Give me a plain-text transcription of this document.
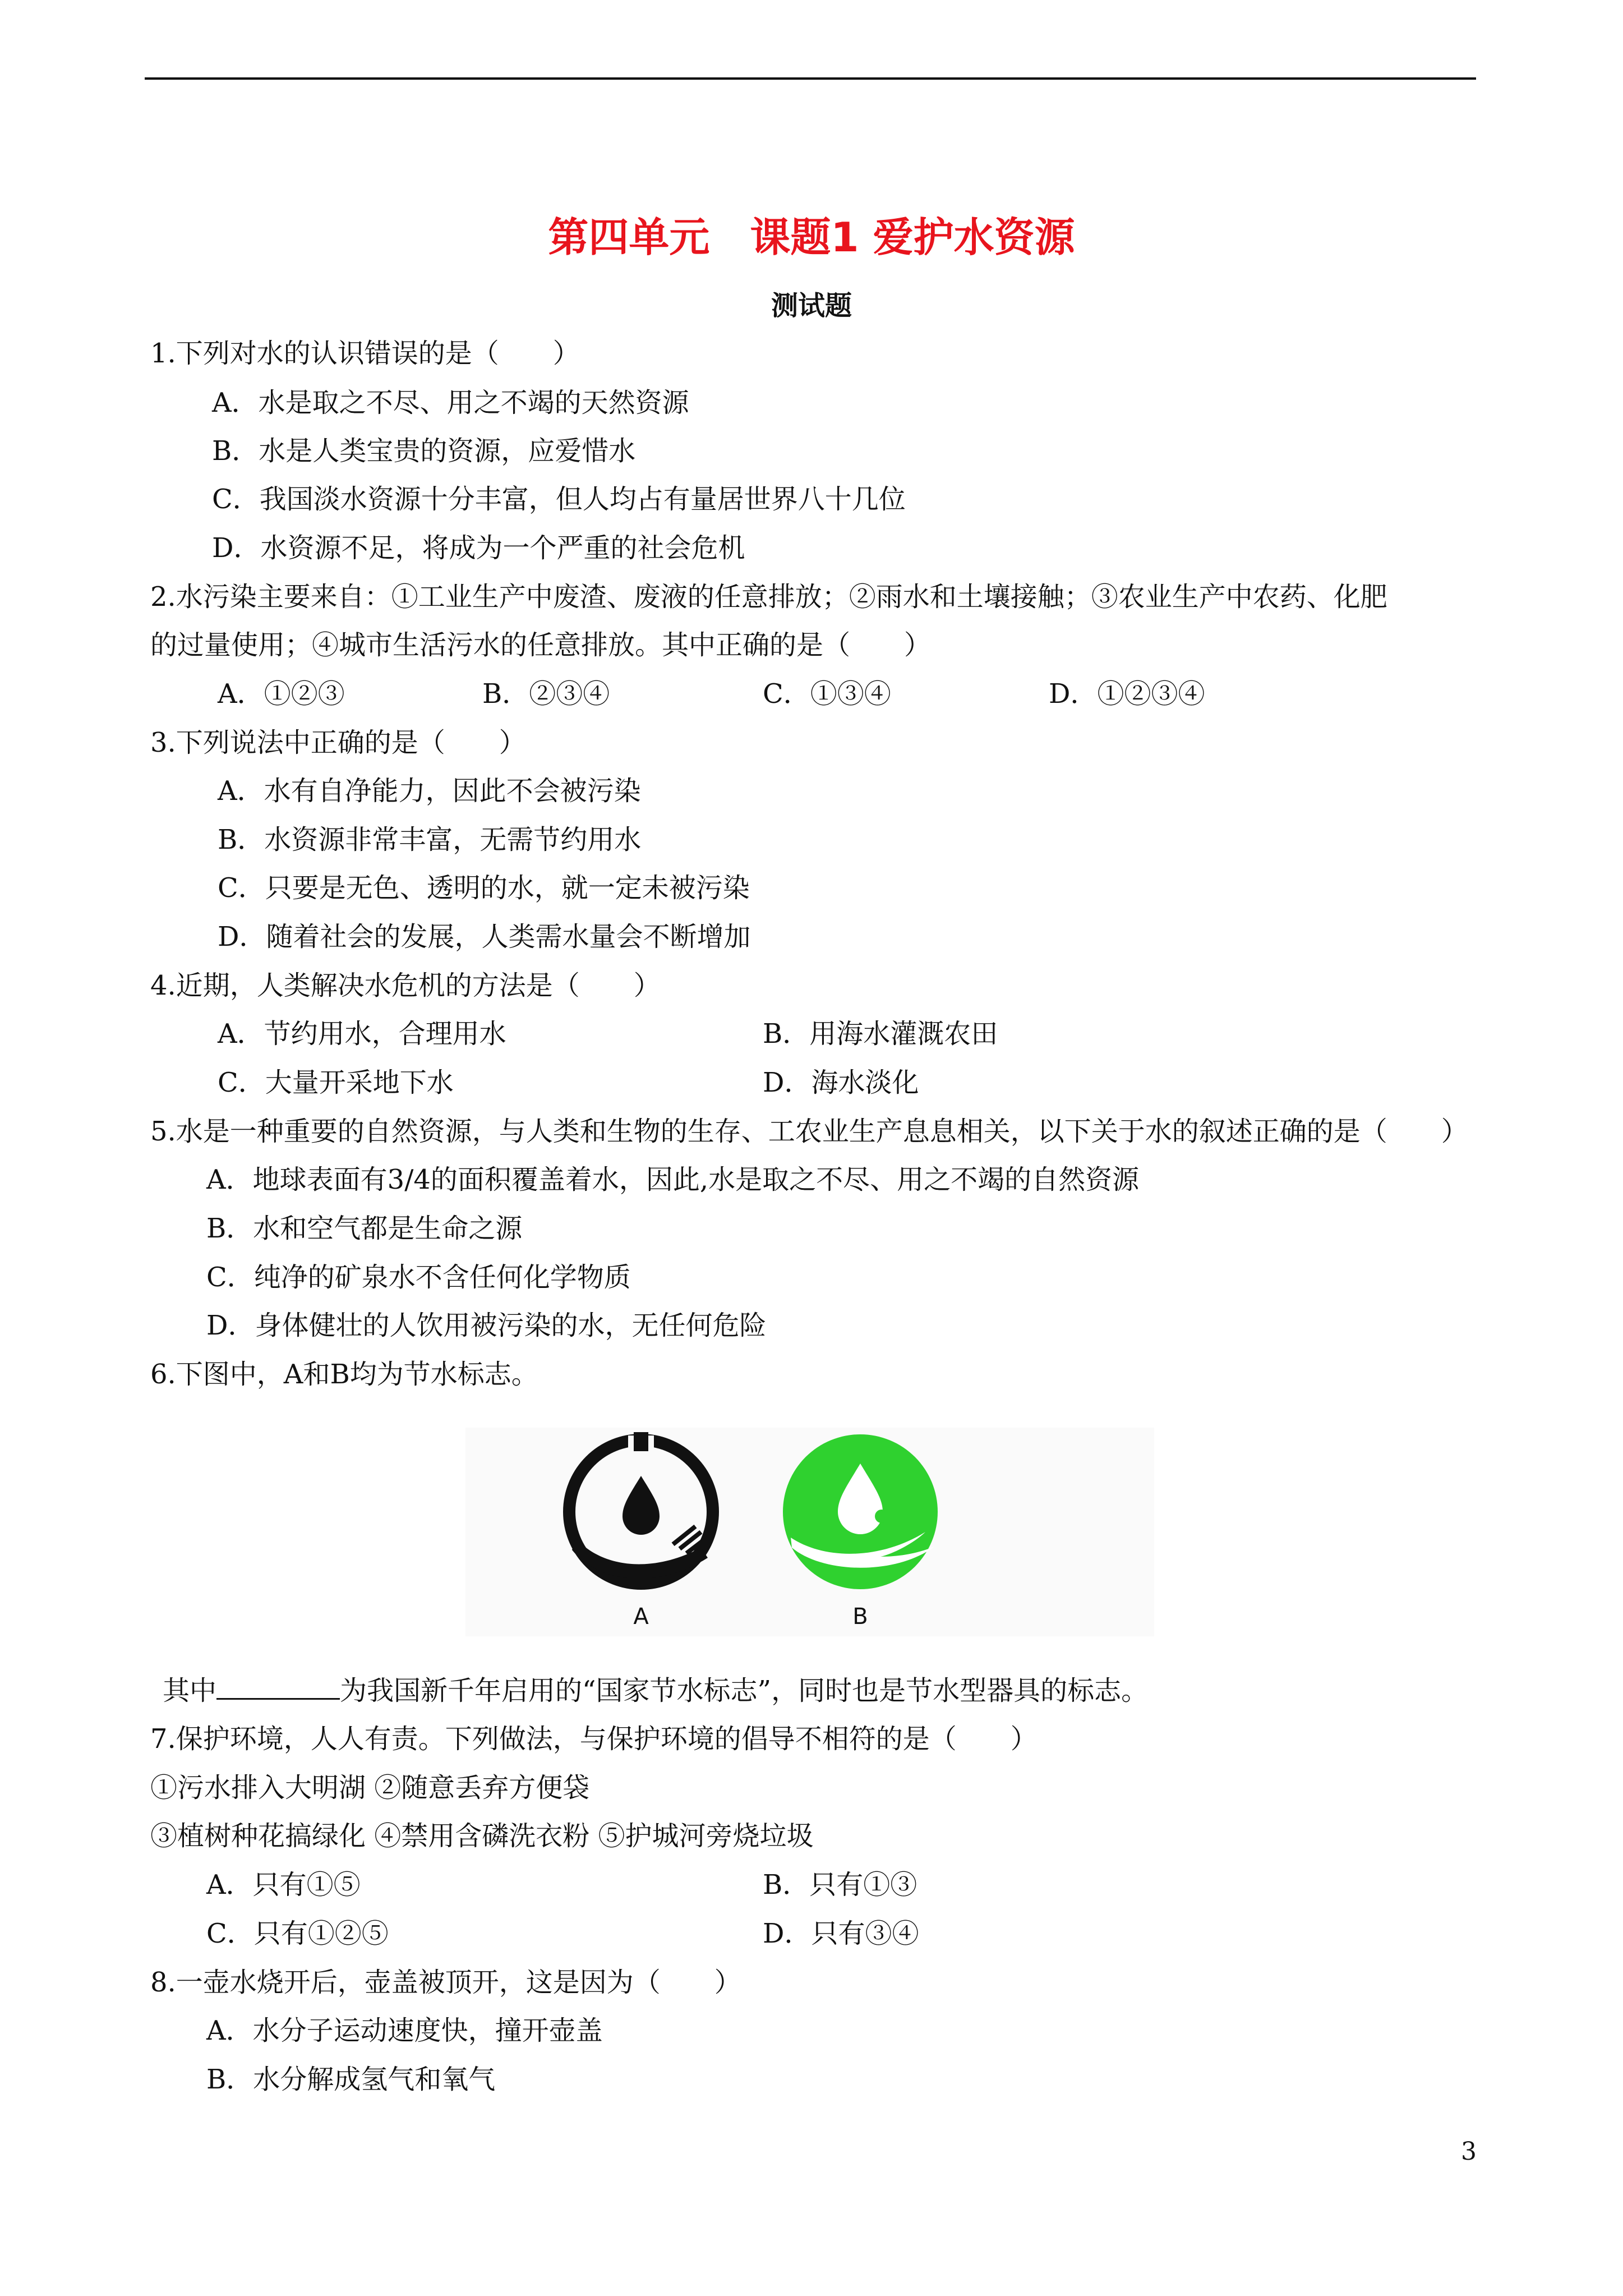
第四单元　课题1 爱护水资源
测试题
1.下列对水的认识错误的是（　　）
A．水是取之不尽、用之不竭的天然资源
B．水是人类宝贵的资源，应爱惜水
C．我国淡水资源十分丰富，但人均占有量居世界八十几位
D．水资源不足，将成为一个严重的社会危机
2.水污染主要来自：①工业生产中废渣、废液的任意排放；②雨水和土壤接触；③农业生产中农药、化肥
的过量使用；④城市生活污水的任意排放。其中正确的是（　　）
A．①②③	B．②③④	C．①③④	D．①②③④
3.下列说法中正确的是（　　）
A．水有自净能力，因此不会被污染
B．水资源非常丰富，无需节约用水
C．只要是无色、透明的水，就一定未被污染
D．随着社会的发展，人类需水量会不断增加
4.近期，人类解决水危机的方法是（　　）
A．节约用水，合理用水	B．用海水灌溉农田
C．大量开采地下水	D．海水淡化
5.水是一种重要的自然资源，与人类和生物的生存、工农业生产息息相关，以下关于水的叙述正确的是（　　）
A．地球表面有3/4的面积覆盖着水，因此,水是取之不尽、用之不竭的自然资源
B．水和空气都是生命之源
C．纯净的矿泉水不含任何化学物质
D．身体健壮的人饮用被污染的水，无任何危险
6.下图中，A和B均为节水标志。
A	B
其中	为我国新千年启用的“国家节水标志”，同时也是节水型器具的标志。
7.保护环境，人人有责。下列做法，与保护环境的倡导不相符的是（　　）
①污水排入大明湖 ②随意丢弃方便袋
③植树种花搞绿化 ④禁用含磷洗衣粉 ⑤护城河旁烧垃圾
A．只有①⑤	B．只有①③
C．只有①②⑤	D．只有③④
8.一壶水烧开后，壶盖被顶开，这是因为（　　）
A．水分子运动速度快，撞开壶盖
B．水分解成氢气和氧气
3
